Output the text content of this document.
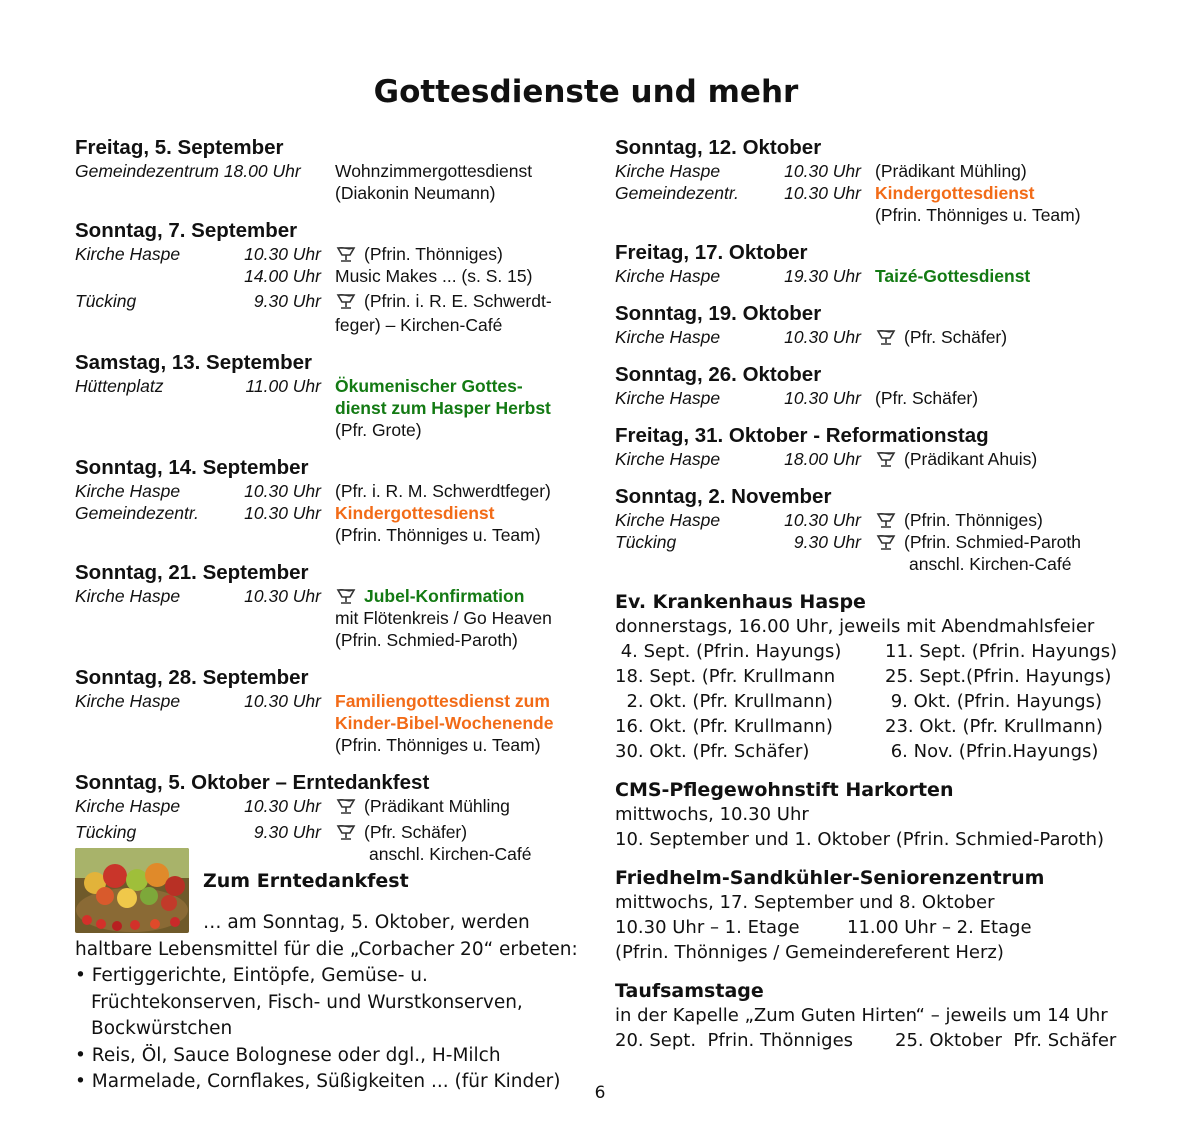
Gottesdienste und mehr
Freitag, 5. September
Gemeindezentrum 18.00 Uhr Wohnzimmergottesdienst
(Diakonin Neumann)
Sonntag, 7. September
Kirche Haspe	10.30 Uhr	(Pfrin. Thönniges)
14.00 Uhr Music Makes ... (s. S. 15)
Tücking	9.30 Uhr	(Pfrin. i. R. E. Schwerdt-
feger) – Kirchen-Café
Samstag, 13. September
Hüttenplatz	11.00 Uhr Ökumenischer Gottes-
dienst zum Hasper Herbst
(Pfr. Grote)
Sonntag, 14. September
Kirche Haspe	10.30 Uhr (Pfr. i. R. M. Schwerdtfeger)
Gemeindezentr.	10.30 Uhr Kindergottesdienst
(Pfrin. Thönniges u. Team)
Sonntag, 21. September
Kirche Haspe	10.30 Uhr	Jubel-Konfirmation
mit Flötenkreis / Go Heaven
(Pfrin. Schmied-Paroth)
Sonntag, 28. September
Kirche Haspe	10.30 Uhr Familiengottesdienst zum
Kinder-Bibel-Wochenende
(Pfrin. Thönniges u. Team)
Sonntag, 5. Oktober – Erntedankfest
Kirche Haspe	10.30 Uhr	(Prädikant Mühling
Tücking	9.30 Uhr	(Pfr. Schäfer)
anschl. Kirchen-Café
Zum Erntedankfest
… am Sonntag, 5. Oktober, werden haltbare Lebensmittel für die „Corbacher 20“ erbeten:
• Fertiggerichte, Eintöpfe, Gemüse- u. Früchtekonserven, Fisch- und Wurstkonserven, Bockwürstchen
• Reis, Öl, Sauce Bolognese oder dgl., H-Milch
• Marmelade, Cornflakes, Süßigkeiten ... (für Kinder)
Sonntag, 12. Oktober
Kirche Haspe	10.30 Uhr (Prädikant Mühling)
Gemeindezentr.	10.30 Uhr Kindergottesdienst
(Pfrin. Thönniges u. Team)
Freitag, 17. Oktober
Kirche Haspe	19.30 Uhr Taizé-Gottesdienst
Sonntag, 19. Oktober
Kirche Haspe	10.30 Uhr	(Pfr. Schäfer)
Sonntag, 26. Oktober
Kirche Haspe	10.30 Uhr (Pfr. Schäfer)
Freitag, 31. Oktober - Reformationstag
Kirche Haspe	18.00 Uhr	(Prädikant Ahuis)
Sonntag, 2. November
Kirche Haspe	10.30 Uhr	(Pfrin. Thönniges)
Tücking	9.30 Uhr	(Pfrin. Schmied-Paroth
anschl. Kirchen-Café
Ev. Krankenhaus Haspe
donnerstags, 16.00 Uhr, jeweils mit Abendmahlsfeier
4. Sept. (Pfrin. Hayungs)	11. Sept. (Pfrin. Hayungs)
18. Sept. (Pfr. Krullmann	25. Sept.(Pfrin. Hayungs)
2. Okt. (Pfr. Krullmann)	9. Okt. (Pfrin. Hayungs)
16. Okt. (Pfr. Krullmann)	23. Okt. (Pfr. Krullmann)
30. Okt. (Pfr. Schäfer)	6. Nov. (Pfrin.Hayungs)
CMS-Pflegewohnstift Harkorten
mittwochs, 10.30 Uhr
10. September und 1. Oktober (Pfrin. Schmied-Paroth)
Friedhelm-Sandkühler-Seniorenzentrum
mittwochs, 17. September und 8. Oktober
10.30 Uhr – 1. Etage	11.00 Uhr – 2. Etage
(Pfrin. Thönniges / Gemeindereferent Herz)
Taufsamstage
in der Kapelle „Zum Guten Hirten“ – jeweils um 14 Uhr
20. Sept.  Pfrin. Thönniges 25. Oktober  Pfr. Schäfer
6
